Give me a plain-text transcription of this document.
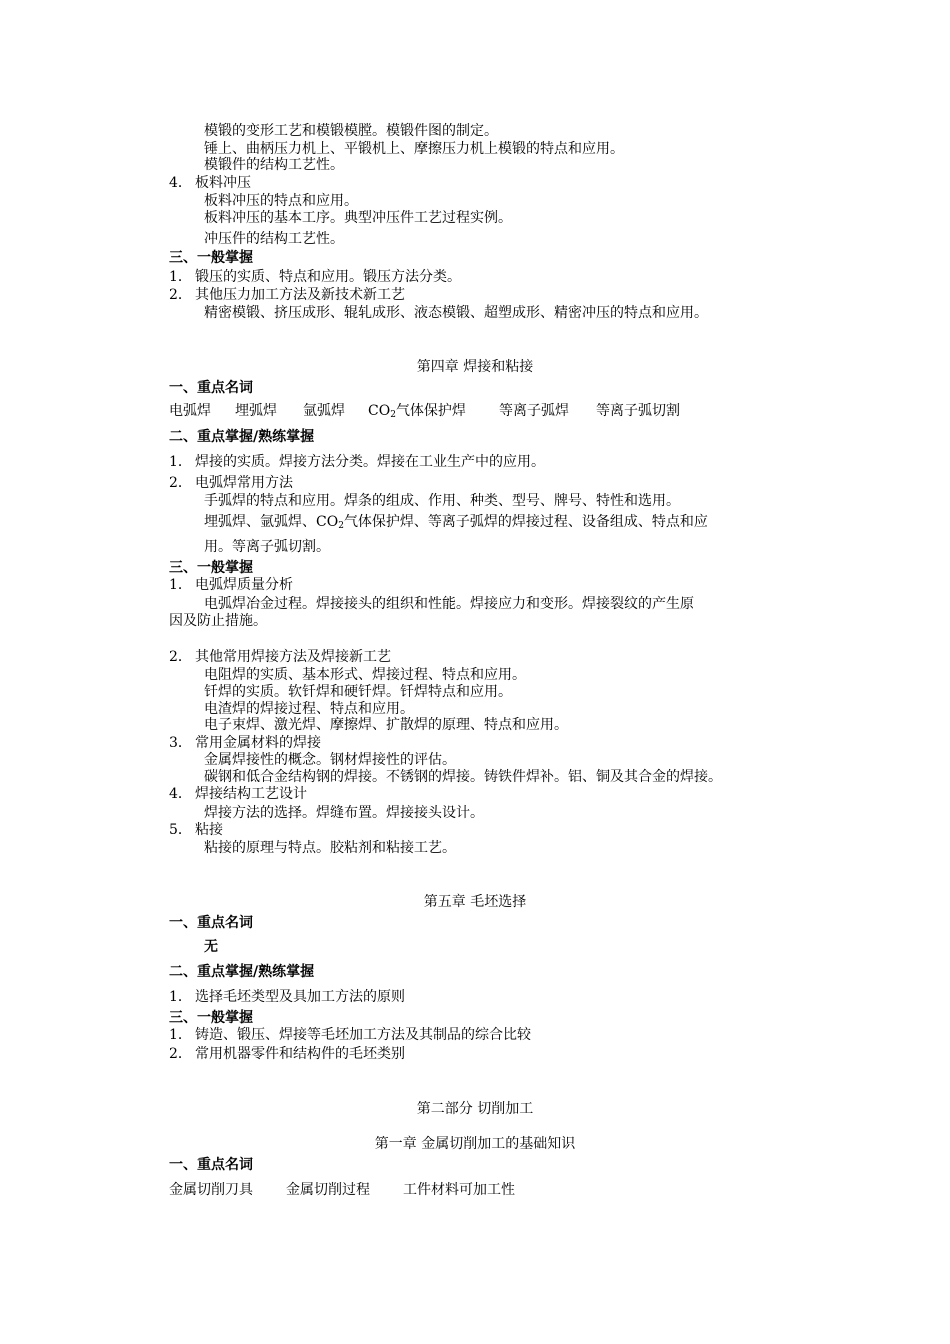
模锻的变形工艺和模锻模膛。模锻件图的制定。
锤上、曲柄压力机上、平锻机上、摩擦压力机上模锻的特点和应用。
模锻件的结构工艺性。
4． 板料冲压
板料冲压的特点和应用。
板料冲压的基本工序。典型冲压件工艺过程实例。
冲压件的结构工艺性。
三、一般掌握
1． 锻压的实质、特点和应用。锻压方法分类。
2． 其他压力加工方法及新技术新工艺
精密模锻、挤压成形、辊轧成形、液态模锻、超塑成形、精密冲压的特点和应用。
第四章 焊接和粘接
一、重点名词
电弧焊 埋弧焊 氩弧焊 $CO_2$气体保护焊 等离子弧焊 等离子弧切割
二、重点掌握/熟练掌握
1． 焊接的实质。焊接方法分类。焊接在工业生产中的应用。
2． 电弧焊常用方法
手弧焊的特点和应用。焊条的组成、作用、种类、型号、牌号、特性和选用。
埋弧焊、氩弧焊、$CO_2$气体保护焊、等离子弧焊的焊接过程、设备组成、特点和应
用。等离子弧切割。
三、一般掌握
1． 电弧焊质量分析
电弧焊冶金过程。焊接接头的组织和性能。焊接应力和变形。焊接裂纹的产生原
因及防止措施。
2． 其他常用焊接方法及焊接新工艺
电阻焊的实质、基本形式、焊接过程、特点和应用。
钎焊的实质。软钎焊和硬钎焊。钎焊特点和应用。
电渣焊的焊接过程、特点和应用。
电子束焊、激光焊、摩擦焊、扩散焊的原理、特点和应用。
3． 常用金属材料的焊接
金属焊接性的概念。钢材焊接性的评估。
碳钢和低合金结构钢的焊接。不锈钢的焊接。铸铁件焊补。铝、铜及其合金的焊接。
4． 焊接结构工艺设计
焊接方法的选择。焊缝布置。焊接接头设计。
5． 粘接
粘接的原理与特点。胶粘剂和粘接工艺。
第五章 毛坯选择
一、重点名词
无
二、重点掌握/熟练掌握
1． 选择毛坯类型及具加工方法的原则
三、一般掌握
1． 铸造、锻压、焊接等毛坯加工方法及其制品的综合比较
2． 常用机器零件和结构件的毛坯类别
第二部分 切削加工
第一章 金属切削加工的基础知识
一、重点名词
金属切削刀具 金属切削过程 工件材料可加工性
